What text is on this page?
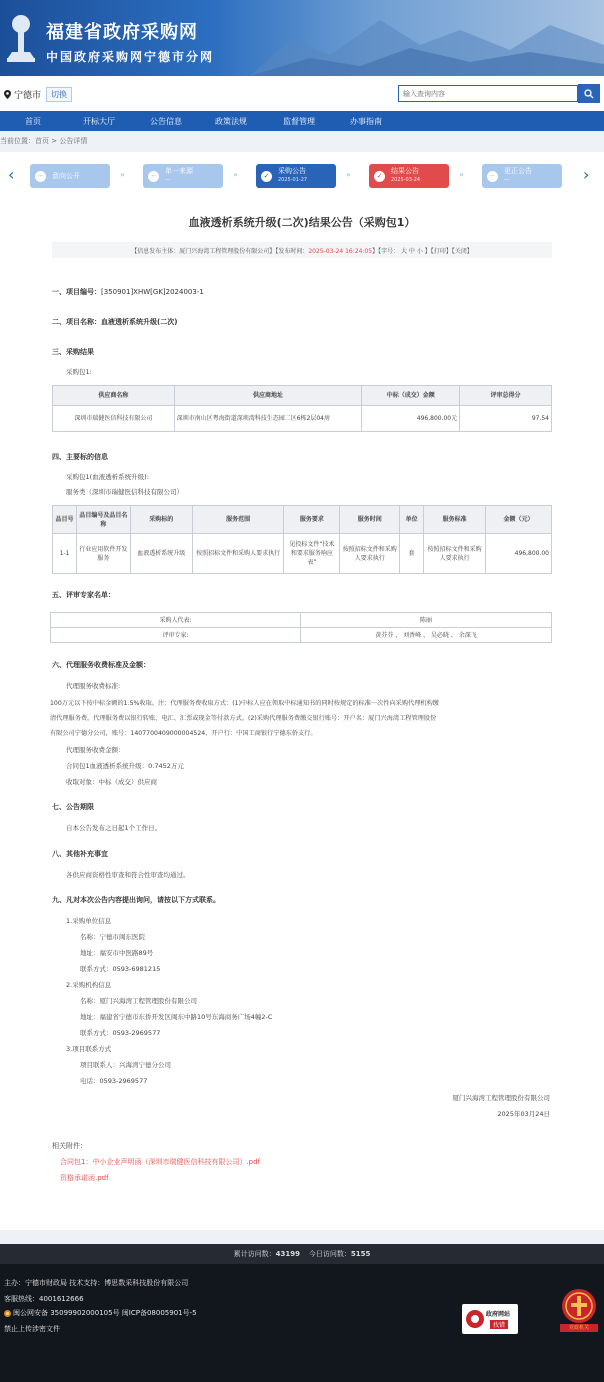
福建省政府采购网
中国政府采购网宁德市分网
宁德市	切换	输入查询内容
首页	开标大厅	公告信息	政策法规	监督管理	办事指南
当前位置：首页 > 公告详情
‹	›
−	意向公开	»	−
单一来源
—
»	✓
采购公告
2025-01-27
»	✓
结果公告
2025-03-24
»	−
更正公告
—
血液透析系统升级(二次)结果公告（采购包1）
【信息发布主体：厦门兴海湾工程管理股份有限公司】【发布时间：2025-03-24 16:24:05】【字号： 大 中 小 】【打印】【关闭】
一、项目编号：[350901]XHW[GK]2024003-1
二、项目名称：血液透析系统升级(二次)
三、采购结果
采购包1:
供应商名称	供应商地址	中标（成交）金额	评审总得分
深圳市瑞健医信科技有限公司	深圳市南山区粤海街道深圳湾科技生态园二区6栋2层04房	496,800.00元	97.54
四、主要标的信息
采购包1(血液透析系统升级):
服务类（深圳市瑞健医信科技有限公司）
品目号	品目编号及品目名称	采购标的	服务范围	服务要求	服务时间	单位	服务标准	金额（元）
1-1	行业应用软件开发服务	血液透析系统升级	按照招标文件和采购人要求执行	见投标文件“技术和要求服务响应表”	按照招标文件和采购人要求执行	套	按照招标文件和采购人要求执行	496,800.00
五、评审专家名单：
采购人代表:	陈丽
评审专家:	黄芬芬 、 刘香峰 、 吴必晓 、 余深飞
六、代理服务收费标准及金额：
代理服务收费标准:
100万元以下按中标金额的1.5%收取。注：代理服务费收取方式：(1)中标人应在领取中标通知书的同时按规定的标准一次性向采购代理机构缴
清代理服务费。代理服务费以银行转账、电汇、汇票或现金等付款方式。(2)采购代理服务费缴交银行账号：开户名：厦门兴海湾工程管理股份
有限公司宁德分公司，账号：1407700409000004524，开户行：中国工商银行宁德东侨支行。
代理服务收费金额：
合同包1血液透析系统升级：0.7452万元
收取对象：中标（成交）供应商
七、公告期限
自本公告发布之日起1个工作日。
八、其他补充事宜
各供应商资格性审查和符合性审查均通过。
九、凡对本次公告内容提出询问，请按以下方式联系。
1.采购单位信息
名称：宁德市闽东医院
地址：福安市中医路89号
联系方式：0593-6981215
2.采购机构信息
名称：厦门兴海湾工程管理股份有限公司
地址：福建省宁德市东侨开发区闽东中路10号东海商务广场4幢2-C
联系方式：0593-2969577
3.项目联系方式
项目联系人：兴海湾宁德分公司
电话：0593-2969577
厦门兴海湾工程管理股份有限公司
2025年03月24日
相关附件：
合同包1：中小企业声明函（深圳市瑞健医信科技有限公司）.pdf
资格承诺函.pdf
累计访问数：43199 今日访问数：5155
主办：宁德市财政局 技术支持：博思数采科技股份有限公司
客服热线：4001612666
闽公网安备 35099902000105号 闽ICP备08005901号-5
禁止上传涉密文件
政府网站
找错	党政机关
